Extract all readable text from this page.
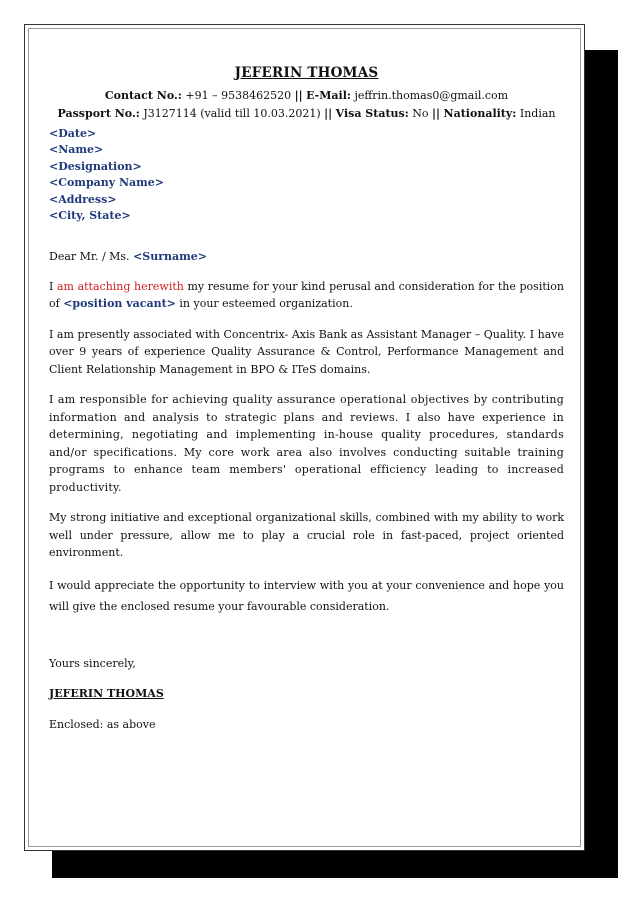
JEFERIN THOMAS
Contact No.: +91 – 9538462520 || E-Mail: jeffrin.thomas0@gmail.com
Passport No.: J3127114 (valid till 10.03.2021) || Visa Status: No || Nationality: Indian
<Date>
<Name>
<Designation>
<Company Name>
<Address>
<City, State>

Dear Mr. / Ms. <Surname>

I am attaching herewith my resume for your kind perusal and consideration for the position of <position vacant> in your esteemed organization.

I am presently associated with Concentrix- Axis Bank as Assistant Manager – Quality. I have over 9 years of experience Quality Assurance & Control, Performance Management and Client Relationship Management in BPO & ITeS domains.

I am responsible for achieving quality assurance operational objectives by contributing information and analysis to strategic plans and reviews. I also have experience in determining, negotiating and implementing in-house quality procedures, standards and/or specifications. My core work area also involves conducting suitable training programs to enhance team members' operational efficiency leading to increased productivity.

My strong initiative and exceptional organizational skills, combined with my ability to work well under pressure, allow me to play a crucial role in fast-paced, project oriented environment.

I would appreciate the opportunity to interview with you at your convenience and hope you will give the enclosed resume your favourable consideration.

Yours sincerely,

JEFERIN THOMAS

Enclosed: as above
